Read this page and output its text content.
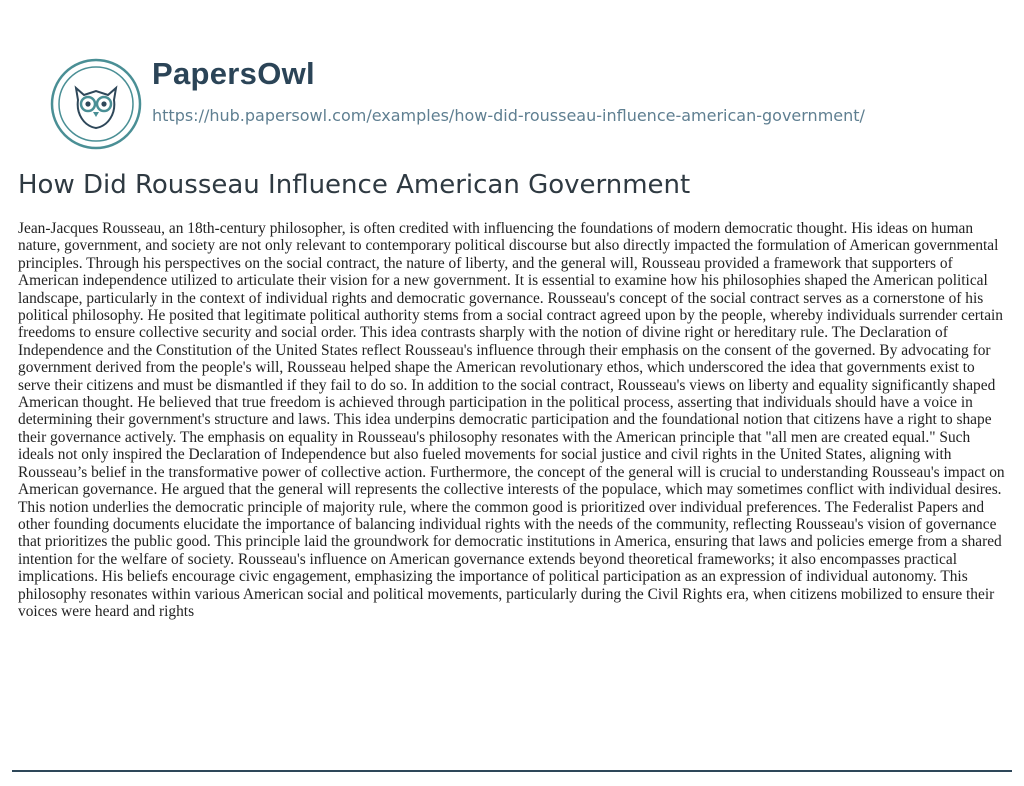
PapersOwl
https://hub.papersowl.com/examples/how-did-rousseau-influence-american-government/
How Did Rousseau Influence American Government

Jean-Jacques Rousseau, an 18th-century philosopher, is often credited with influencing the foundations of modern democratic thought. His ideas on human nature, government, and society are not only relevant to contemporary political discourse but also directly impacted the formulation of American governmental principles. Through his perspectives on the social contract, the nature of liberty, and the general will, Rousseau provided a framework that supporters of American independence utilized to articulate their vision for a new government. It is essential to examine how his philosophies shaped the American political landscape, particularly in the context of individual rights and democratic governance. Rousseau's concept of the social contract serves as a cornerstone of his political philosophy. He posited that legitimate political authority stems from a social contract agreed upon by the people, whereby individuals surrender certain freedoms to ensure collective security and social order. This idea contrasts sharply with the notion of divine right or hereditary rule. The Declaration of Independence and the Constitution of the United States reflect Rousseau's influence through their emphasis on the consent of the governed. By advocating for government derived from the people's will, Rousseau helped shape the American revolutionary ethos, which underscored the idea that governments exist to serve their citizens and must be dismantled if they fail to do so. In addition to the social contract, Rousseau's views on liberty and equality significantly shaped American thought. He believed that true freedom is achieved through participation in the political process, asserting that individuals should have a voice in determining their government's structure and laws. This idea underpins democratic participation and the foundational notion that citizens have a right to shape their governance actively. The emphasis on equality in Rousseau's philosophy resonates with the American principle that "all men are created equal." Such ideals not only inspired the Declaration of Independence but also fueled movements for social justice and civil rights in the United States, aligning with Rousseau’s belief in the transformative power of collective action. Furthermore, the concept of the general will is crucial to understanding Rousseau's impact on American governance. He argued that the general will represents the collective interests of the populace, which may sometimes conflict with individual desires. This notion underlies the democratic principle of majority rule, where the common good is prioritized over individual preferences. The Federalist Papers and other founding documents elucidate the importance of balancing individual rights with the needs of the community, reflecting Rousseau's vision of governance that prioritizes the public good. This principle laid the groundwork for democratic institutions in America, ensuring that laws and policies emerge from a shared intention for the welfare of society. Rousseau's influence on American governance extends beyond theoretical frameworks; it also encompasses practical implications. His beliefs encourage civic engagement, emphasizing the importance of political participation as an expression of individual autonomy. This philosophy resonates within various American social and political movements, particularly during the Civil Rights era, when citizens mobilized to ensure their voices were heard and rights
